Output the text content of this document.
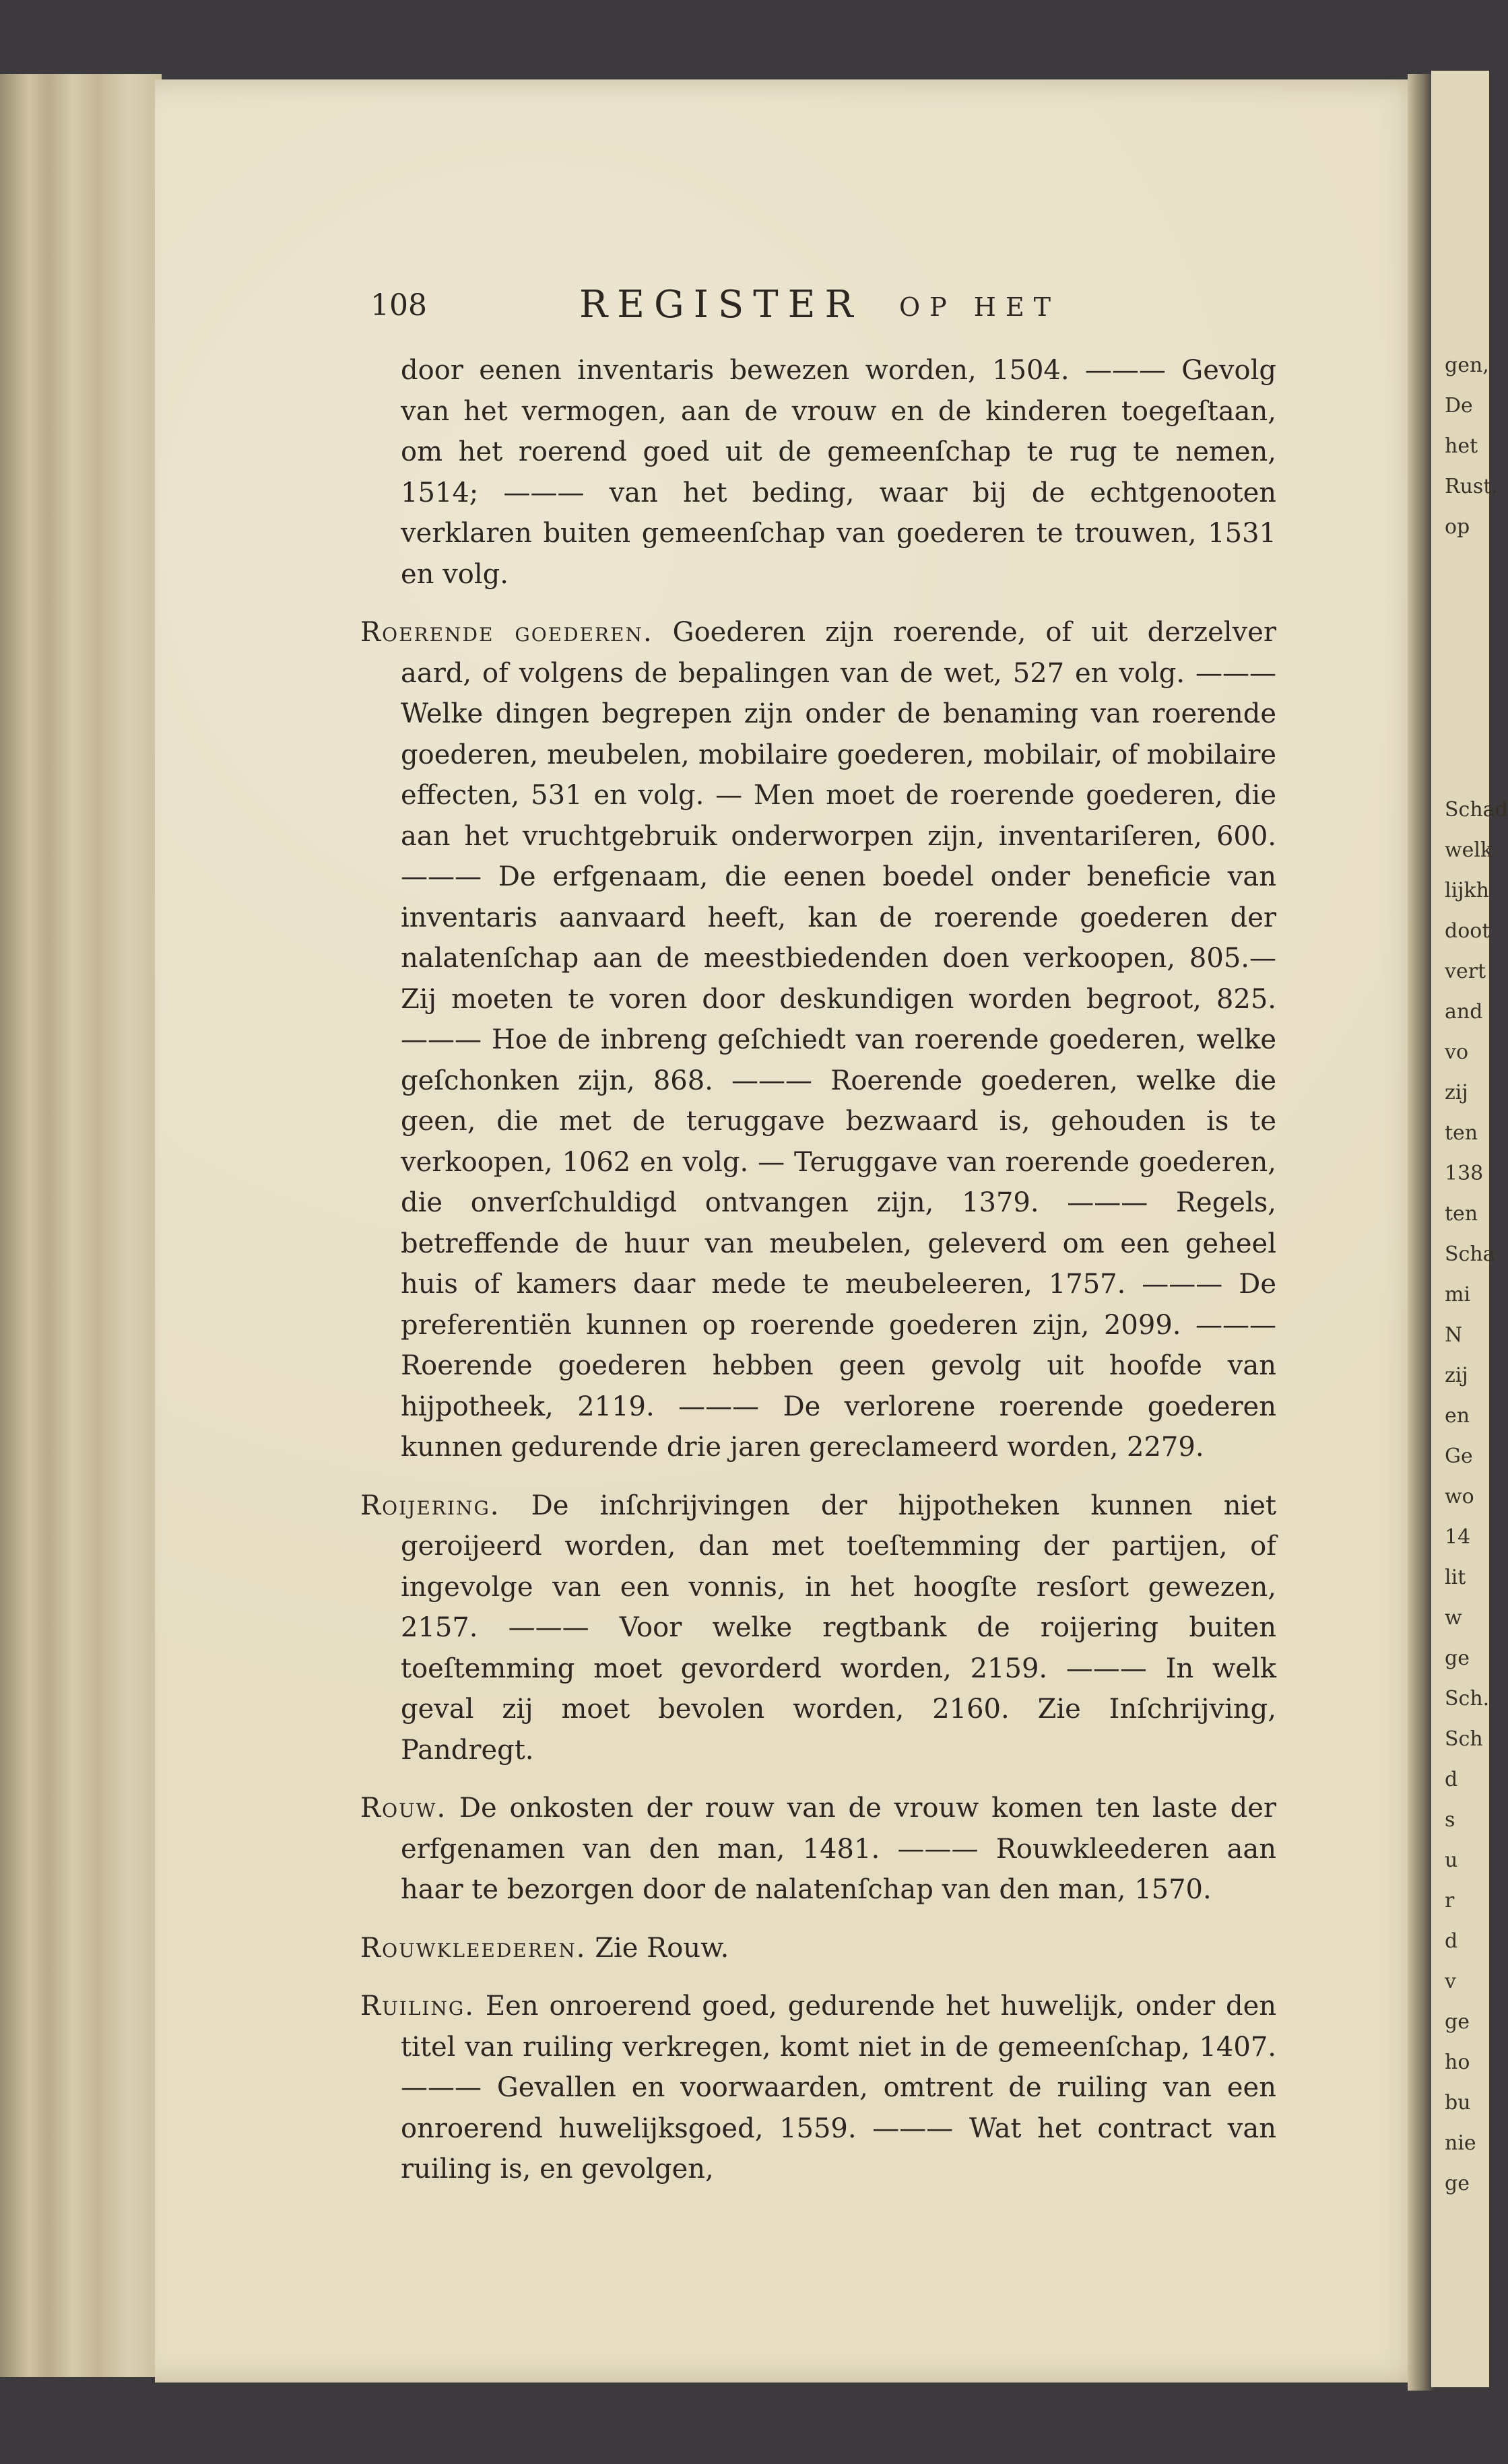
gen,
De
het
Rust.
op
Schad
welk
lijkh
doot
vert
and
vo
zij
ten
138
ten
Scha
mi
N
zij
en
Ge
wo
14
lit
w
ge
Sch.
Sch
d
s
u
r
d
v
ge
ho
bu
nie
ge
108	REGISTER OP HET

door eenen inventaris bewezen worden, 1504. ——— Gevolg van het vermogen, aan de vrouw en de kinderen toegeſtaan, om het roerend goed uit de gemeenſchap te rug te nemen, 1514; ——— van het beding, waar bij de echtgenooten verklaren buiten gemeenſchap van goederen te trouwen, 1531 en volg.

Roerende goederen. Goederen zijn roerende, of uit derzelver aard, of volgens de bepalingen van de wet, 527 en volg. ——— Welke dingen begrepen zijn onder de benaming van roerende goederen, meubelen, mobilaire goederen, mobilair, of mobilaire effecten, 531 en volg. — Men moet de roerende goederen, die aan het vruchtgebruik onderworpen zijn, inventariſeren, 600. ——— De erfgenaam, die eenen boedel onder beneficie van inventaris aanvaard heeft, kan de roerende goederen der nalatenſchap aan de meestbiedenden doen verkoopen, 805.— Zij moeten te voren door deskundigen worden begroot, 825. ——— Hoe de inbreng geſchiedt van roerende goederen, welke geſchonken zijn, 868. ——— Roerende goederen, welke die geen, die met de teruggave bezwaard is, gehouden is te verkoopen, 1062 en volg. — Teruggave van roerende goederen, die onverſchuldigd ontvangen zijn, 1379. ——— Regels, betreffende de huur van meubelen, geleverd om een geheel huis of kamers daar mede te meubeleeren, 1757. ——— De preferentiën kunnen op roerende goederen zijn, 2099. ——— Roerende goederen hebben geen gevolg uit hoofde van hijpotheek, 2119. ——— De verlorene roerende goederen kunnen gedurende drie jaren gereclameerd worden, 2279.

Roijering. De inſchrijvingen der hijpotheken kunnen niet geroijeerd worden, dan met toeſtemming der partijen, of ingevolge van een vonnis, in het hoogſte resſort gewezen, 2157. ——— Voor welke regtbank de roijering buiten toeſtemming moet gevorderd worden, 2159. ——— In welk geval zij moet bevolen worden, 2160. Zie Inſchrijving, Pandregt.

Rouw. De onkosten der rouw van de vrouw komen ten laste der erfgenamen van den man, 1481. ——— Rouwkleederen aan haar te bezorgen door de nalatenſchap van den man, 1570.

Rouwkleederen. Zie Rouw.

Ruiling. Een onroerend goed, gedurende het huwelijk, onder den titel van ruiling verkregen, komt niet in de gemeenſchap, 1407. ——— Gevallen en voorwaarden, omtrent de ruiling van een onroerend huwelijksgoed, 1559. ——— Wat het contract van ruiling is, en gevolgen,
